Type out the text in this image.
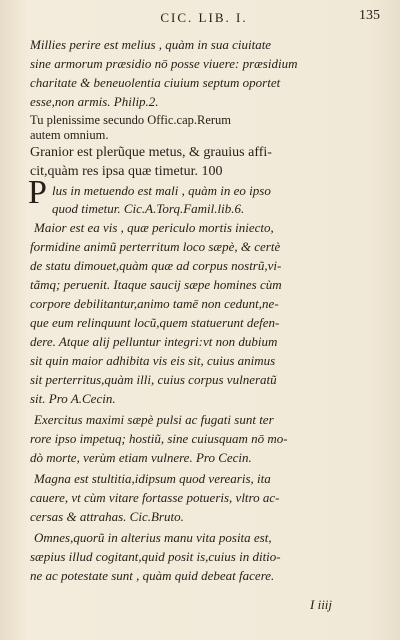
CIC. LIB. I.	135
Millies perire est melius , quàm in sua ciuitate
sine armorum præsidio nō posse viuere: præsidium
charitate & beneuolentia ciuium septum oportet
esse,non armis. Philip.2.
Tu plenissime secundo Offic.cap.Rerum
autem omnium.
Granior est plerũque metus, & grauius affi-
cit,quàm res ipsa quæ timetur. 100
P lus in metuendo est mali , quàm in eo ipso
quod timetur. Cic.A.Torq.Famil.lib.6.
Maior est ea vis , quæ periculo mortis iniecto,
formidine animũ perterritum loco sæpè, & certè
de statu dimouet,quàm quæ ad corpus nostrũ,vi-
tãmq; peruenit. Itaque saucij sæpe homines cùm
corpore debilitantur,animo tamē non cedunt,ne-
que eum relinquunt locũ,quem statuerunt defen-
dere. Atque alij pelluntur integri:vt non dubium
sit quin maior adhibita vis eis sit, cuius animus
sit perterritus,quàm illi, cuius corpus vulneratũ
sit. Pro A.Cecin.
Exercitus maximi sæpè pulsi ac fugati sunt ter
rore ipso impetuq; hostiũ, sine cuiusquam nō mo-
dò morte, verùm etiam vulnere. Pro Cecin.
Magna est stultitia,idipsum quod verearis, ita
cauere, vt cùm vitare fortasse potueris, vltro ac-
cersas & attrahas. Cic.Bruto.
Omnes,quorũ in alterius manu vita posita est,
sæpius illud cogitant,quid posit is,cuius in ditio-
ne ac potestate sunt , quàm quid debeat facere.
I iiij
